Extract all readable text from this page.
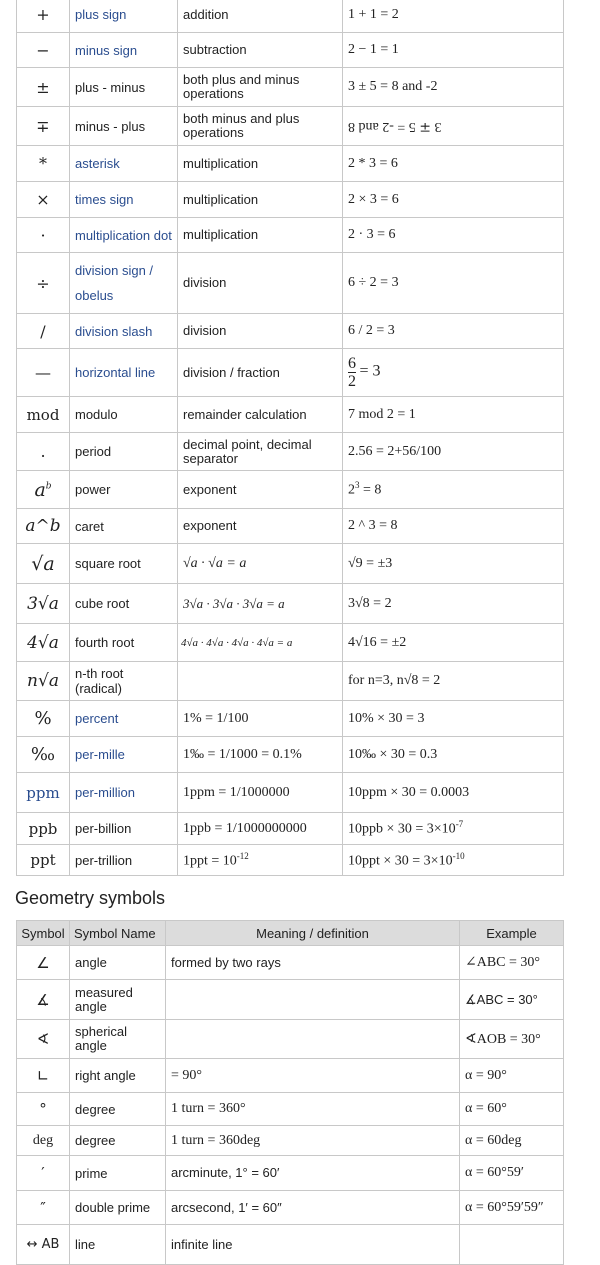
+	plus sign	addition	1 + 1 = 2
−	minus sign	subtraction	2 − 1 = 1
±	plus - minus	both plus and minus operations	3 ± 5 = 8 and -2
∓	minus - plus	both minus and plus operations	3 ∓ 5 = -2 and 8
*	asterisk	multiplication	2 * 3 = 6
×	times sign	multiplication	2 × 3 = 6
·	multiplication dot	multiplication	2 · 3 = 6
÷	division sign / obelus	division	6 ÷ 2 = 3
/	division slash	division	6 / 2 = 3
—	horizontal line	division / fraction	$\frac{6}{2} = 3$
mod	modulo	remainder calculation	7 mod 2 = 1
.	period	decimal point, decimal separator	2.56 = 2+56/100
$a^b$	power	exponent	$2^3 = 8$
a^b	caret	exponent	2 ^ 3 = 8
√a	square root	√a · √a = a	√9 = ±3
3√a	cube root	3√a · 3√a · 3√a = a	3√8 = 2
4√a	fourth root	4√a · 4√a · 4√a · 4√a = a	4√16 = ±2
n√a	n-th root (radical)		for n=3, n√8 = 2
%	percent	1% = 1/100	10% × 30 = 3
‰	per-mille	1‰ = 1/1000 = 0.1%	10‰ × 30 = 0.3
ppm	per-million	1ppm = 1/1000000	10ppm × 30 = 0.0003
ppb	per-billion	1ppb = 1/1000000000	$10ppb \times 30 = 3\times 10^{-7}$
ppt	per-trillion	$1ppt = 10^{-12}$	$10ppt \times 30 = 3\times 10^{-10}$
Geometry symbols
Symbol	Symbol Name	Meaning / definition	Example
∠	angle	formed by two rays	∠ABC = 30°
∡	measured angle		∡ABC = 30°
∢	spherical angle		∢AOB = 30°
∟	right angle	= 90°	α = 90°
°	degree	1 turn = 360°	α = 60°
deg	degree	1 turn = 360deg	α = 60deg
′	prime	arcminute, 1° = 60′	α = 60°59′
″	double prime	arcsecond, 1′ = 60″	α = 60°59′59″
↔ AB	line	infinite line	
